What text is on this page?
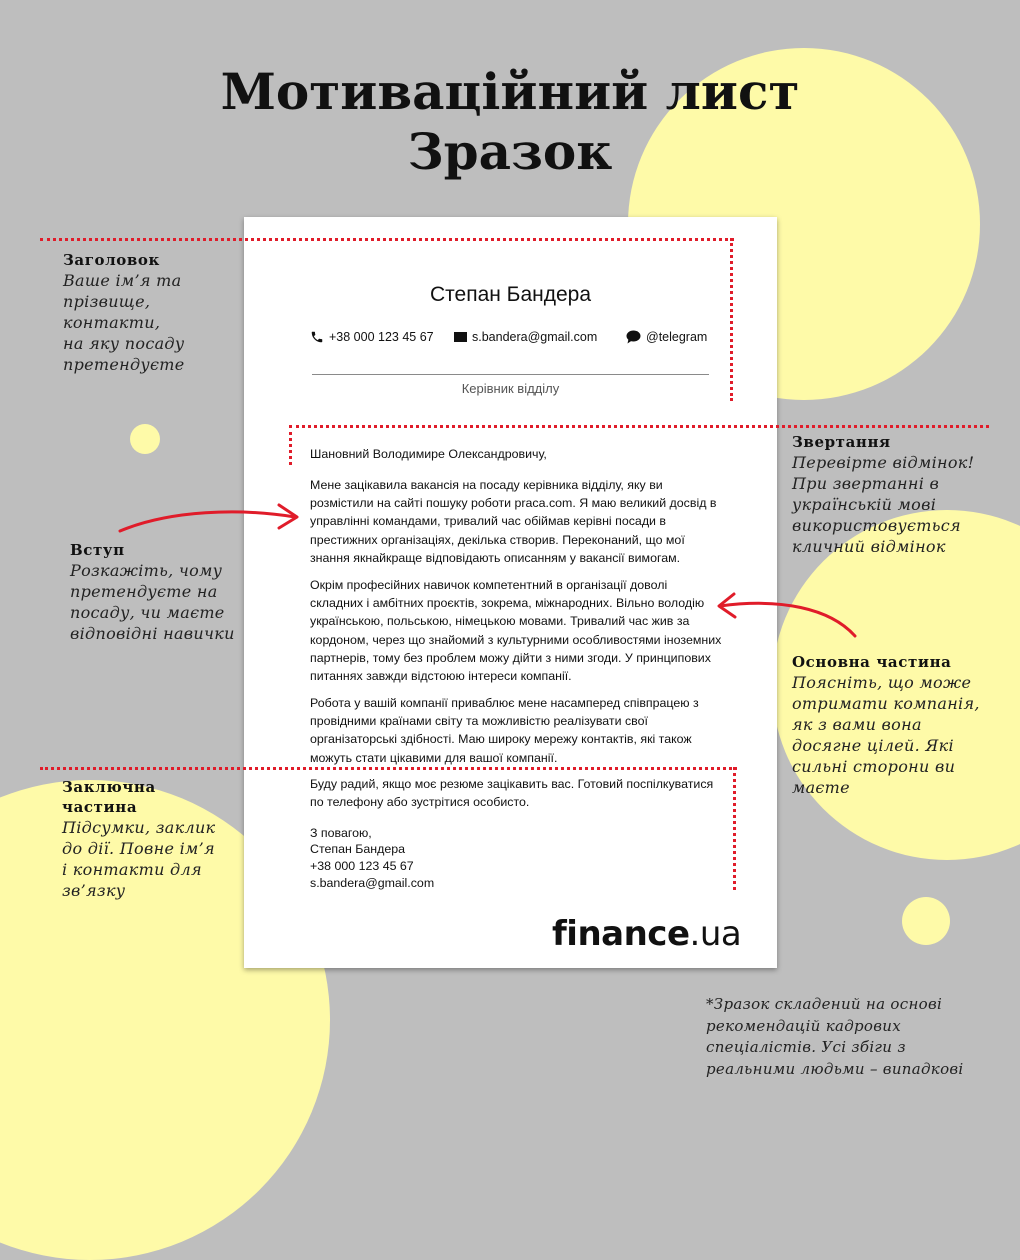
Мотиваційний лист
Зразок
Степан Бандера
+38 000 123 45 67	s.bandera@gmail.com	@telegram
Керівник відділу

Шановний Володимире Олександровичу,

Мене зацікавила вакансія на посаду керівника відділу, яку ви розмістили на сайті пошуку роботи praca.com. Я маю великий досвід в управлінні командами, тривалий час обіймав керівні посади в престижних організаціях, декілька створив. Переконаний, що мої знання якнайкраще відповідають описанням у вакансії вимогам.

Окрім професійних навичок компетентний в організації доволі складних і амбітних проєктів, зокрема, міжнародних. Вільно володію українською, польською, німецькою мовами. Тривалий час жив за кордоном, через що знайомий з культурними особливостями іноземних партнерів, тому без проблем можу дійти з ними згоди. У принципових питаннях завжди відстоюю інтереси компанії.

Робота у вашій компанії приваблює мене насамперед співпрацею з провідними країнами світу та можливістю реалізувати свої організаторські здібності. Маю широку мережу контактів, які також можуть стати цікавими для вашої компанії.

Буду радий, якщо моє резюме зацікавить вас. Готовий поспілкуватися по телефону або зустрітися особисто.

З повагою,

Степан Бандера

+38 000 123 45 67

s.bandera@gmail.com

finance.ua
Заголовок
Ваше ім’я та
прізвище,
контакти,
на яку посаду
претендуєте
Звертання
Перевірте відмінок!
При звертанні в
українській мові
використовується
кличний відмінок
Вступ
Розкажіть, чому
претендуєте на
посаду, чи маєте
відповідні навички
Основна частина
Поясніть, що може
отримати компанія,
як з вами вона
досягне цілей. Які
сильні сторони ви
маєте
Заключна
частина
Підсумки, заклик
до дії. Повне ім’я
і контакти для
зв’язку
*Зразок складений на основі
рекомендацій кадрових
спеціалістів. Усі збіги з
реальними людьми – випадкові
